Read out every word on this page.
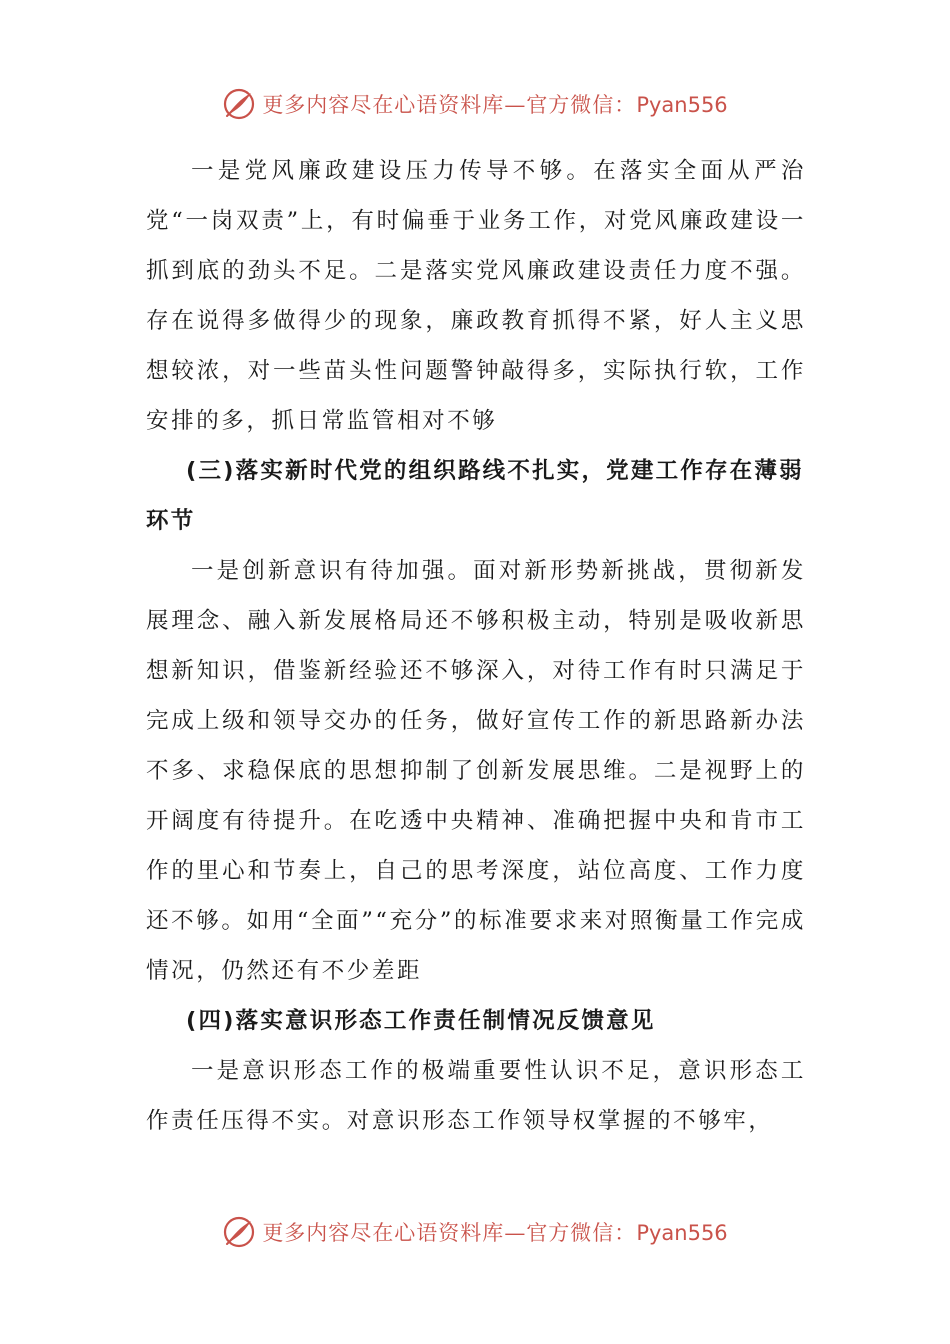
更多内容尽在心语资料库—官方微信：Pyan556

一是党风廉政建设压力传导不够。在落实全面从严治党“一岗双责”上，有时偏垂于业务工作，对党风廉政建设一抓到底的劲头不足。二是落实党风廉政建设责任力度不强。存在说得多做得少的现象，廉政教育抓得不紧，好人主义思想较浓，对一些苗头性问题警钟敲得多，实际执行软，工作安排的多，抓日常监管相对不够

(三)落实新时代党的组织路线不扎实，党建工作存在薄弱环节

一是创新意识有待加强。面对新形势新挑战，贯彻新发展理念、融入新发展格局还不够积极主动，特别是吸收新思想新知识，借鉴新经验还不够深入，对待工作有时只满足于完成上级和领导交办的任务，做好宣传工作的新思路新办法不多、求稳保底的思想抑制了创新发展思维。二是视野上的开阔度有待提升。在吃透中央精神、准确把握中央和肯市工作的里心和节奏上，自己的思考深度，站位高度、工作力度还不够。如用“全面”“充分”的标准要求来对照衡量工作完成情况，仍然还有不少差距

(四)落实意识形态工作责任制情况反馈意见

一是意识形态工作的极端重要性认识不足，意识形态工作责任压得不实。对意识形态工作领导权掌握的不够牢，

更多内容尽在心语资料库—官方微信：Pyan556
